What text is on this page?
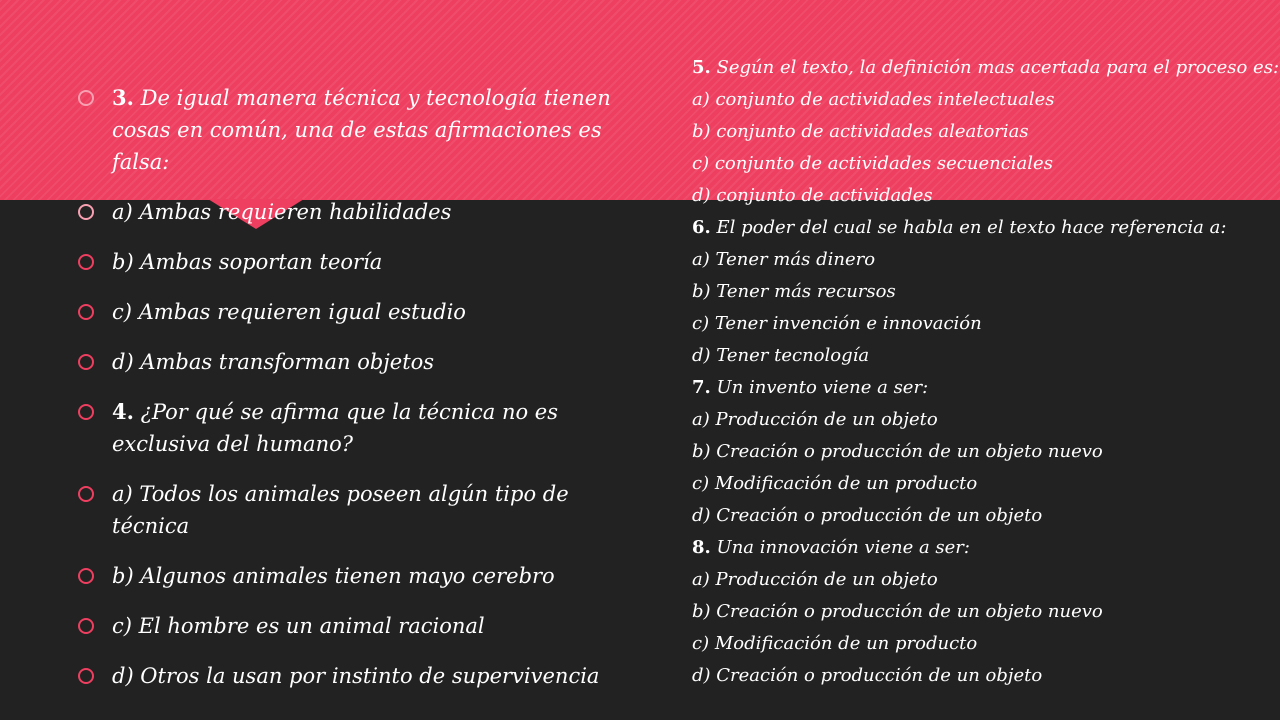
3. De igual manera técnica y tecnología tienen cosas en común, una de estas afirmaciones es falsa:
a) Ambas requieren habilidades
b) Ambas soportan teoría
c) Ambas requieren igual estudio
d) Ambas transforman objetos
4. ¿Por qué se afirma que la técnica no es exclusiva del humano?
a) Todos los animales poseen algún tipo de técnica
b) Algunos animales tienen mayo cerebro
c) El hombre es un animal racional
d) Otros la usan por instinto de supervivencia
5. Según el texto, la definición mas acertada para el proceso es:
a) conjunto de actividades intelectuales
b) conjunto de actividades aleatorias
c) conjunto de actividades secuenciales
d) conjunto de actividades
6. El poder del cual se habla en el texto hace referencia a:
a) Tener más dinero
b) Tener más recursos
c) Tener invención e innovación
d) Tener tecnología
7. Un invento viene a ser:
a) Producción de un objeto
b) Creación o producción de un objeto nuevo
c) Modificación de un producto
d) Creación o producción de un objeto
8. Una innovación viene a ser:
a) Producción de un objeto
b) Creación o producción de un objeto nuevo
c) Modificación de un producto
d) Creación o producción de un objeto
